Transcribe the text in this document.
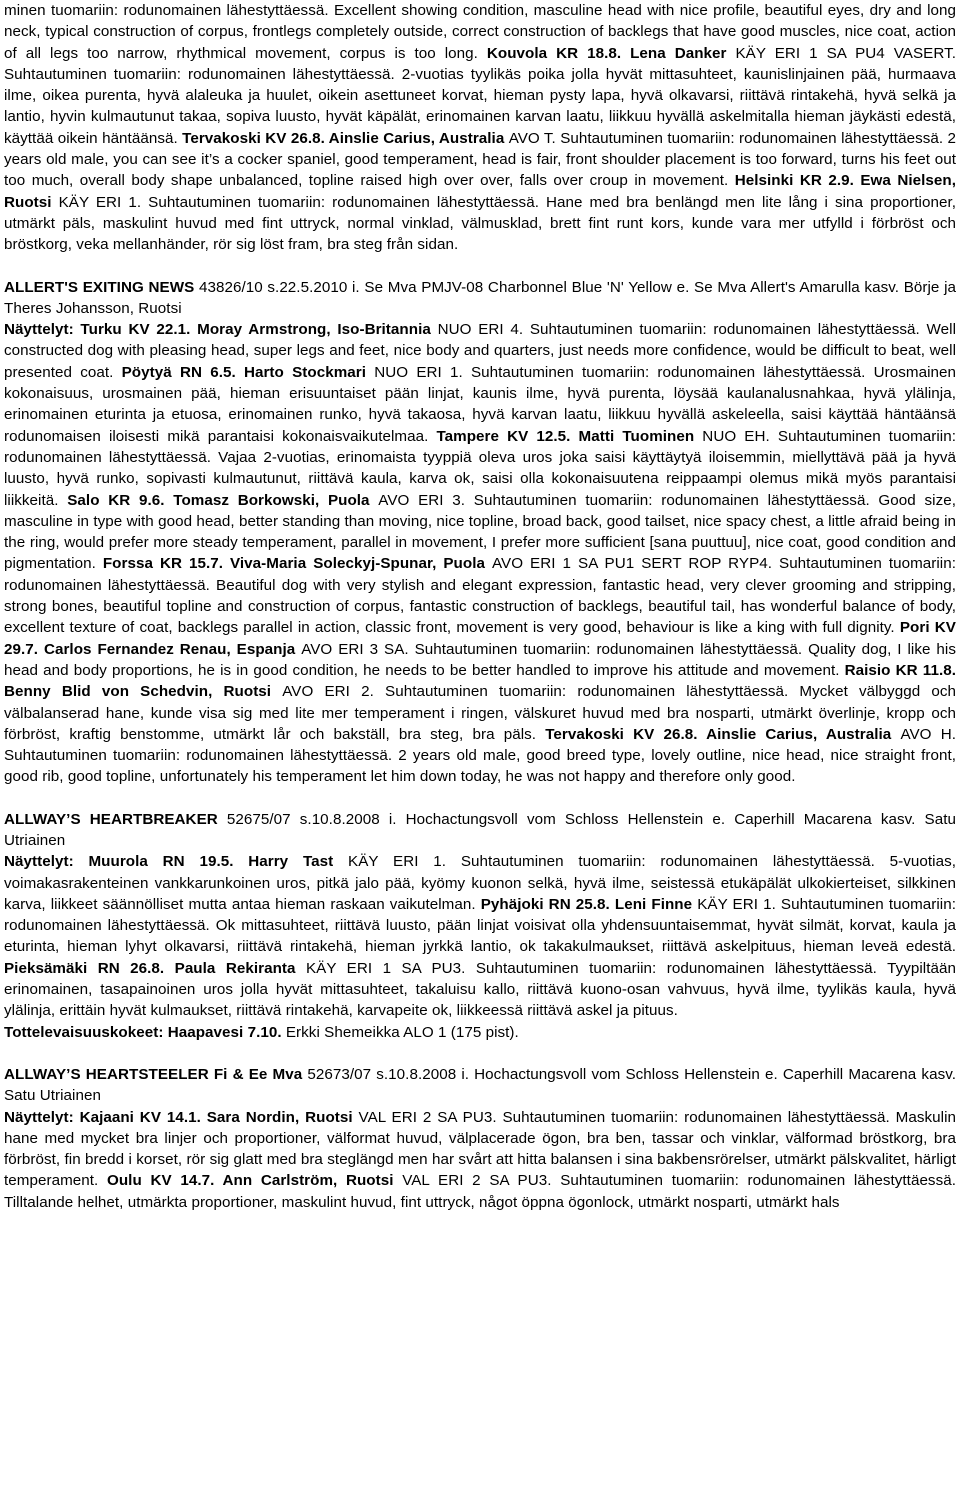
minen tuomariin: rodunomainen lähestyttäessä. Excellent showing condition, masculine head with nice profile, beautiful eyes, dry and long neck, typical construction of corpus, frontlegs completely outside, correct construction of backlegs that have good muscles, nice coat, action of all legs too narrow, rhythmical movement, corpus is too long. Kouvola KR 18.8. Lena Danker KÄY ERI 1 SA PU4 VASERT. Suhtautuminen tuomariin: rodunomainen lähestyttäessä. 2-vuotias tyylikäs poika jolla hyvät mittasuhteet, kaunislinjainen pää, hurmaava ilme, oikea purenta, hyvä alaleuka ja huulet, oikein asettuneet korvat, hieman pysty lapa, hyvä olkavarsi, riittävä rintakehä, hyvä selkä ja lantio, hyvin kulmautunut takaa, sopiva luusto, hyvät käpälät, erinomainen karvan laatu, liikkuu hyvällä askelmitalla hieman jäykästi edestä, käyttää oikein häntäänsä. Tervakoski KV 26.8. Ainslie Carius, Australia AVO T. Suhtautuminen tuomariin: rodunomainen lähestyttäessä. 2 years old male, you can see it’s a cocker spaniel, good temperament, head is fair, front shoulder placement is too forward, turns his feet out too much, overall body shape unbalanced, topline raised high over over, falls over croup in movement. Helsinki KR 2.9. Ewa Nielsen, Ruotsi KÄY ERI 1. Suhtautuminen tuomariin: rodunomainen lähestyttäessä. Hane med bra benlängd men lite lång i sina proportioner, utmärkt päls, maskulint huvud med fint uttryck, normal vinklad, välmusklad, brett fint runt kors, kunde vara mer utfylld i förbröst och bröstkorg, veka mellanhänder, rör sig löst fram, bra steg från sidan.

ALLERT'S EXITING NEWS 43826/10 s.22.5.2010 i. Se Mva PMJV-08 Charbonnel Blue 'N' Yellow e. Se Mva Allert's Amarulla kasv. Börje ja Theres Johansson, Ruotsi

Näyttelyt: Turku KV 22.1. Moray Armstrong, Iso-Britannia NUO ERI 4. Suhtautuminen tuomariin: rodunomainen lähestyttäessä. Well constructed dog with pleasing head, super legs and feet, nice body and quarters, just needs more confidence, would be difficult to beat, well presented coat. Pöytyä RN 6.5. Harto Stockmari NUO ERI 1. Suhtautuminen tuomariin: rodunomainen lähestyttäessä. Urosmainen kokonaisuus, urosmainen pää, hieman erisuuntaiset pään linjat, kaunis ilme, hyvä purenta, löysää kaulanalusnahkaa, hyvä ylälinja, erinomainen eturinta ja etuosa, erinomainen runko, hyvä takaosa, hyvä karvan laatu, liikkuu hyvällä askeleella, saisi käyttää häntäänsä rodunomaisen iloisesti mikä parantaisi kokonaisvaikutelmaa. Tampere KV 12.5. Matti Tuominen NUO EH. Suhtautuminen tuomariin: rodunomainen lähestyttäessä. Vajaa 2-vuotias, erinomaista tyyppiä oleva uros joka saisi käyttäytyä iloisemmin, miellyttävä pää ja hyvä luusto, hyvä runko, sopivasti kulmautunut, riittävä kaula, karva ok, saisi olla kokonaisuutena reippaampi olemus mikä myös parantaisi liikkeitä. Salo KR 9.6. Tomasz Borkowski, Puola AVO ERI 3. Suhtautuminen tuomariin: rodunomainen lähestyttäessä. Good size, masculine in type with good head, better standing than moving, nice topline, broad back, good tailset, nice spacy chest, a little afraid being in the ring, would prefer more steady temperament, parallel in movement, I prefer more sufficient [sana puuttuu], nice coat, good condition and pigmentation. Forssa KR 15.7. Viva-Maria Soleckyj-Spunar, Puola AVO ERI 1 SA PU1 SERT ROP RYP4. Suhtautuminen tuomariin: rodunomainen lähestyttäessä. Beautiful dog with very stylish and elegant expression, fantastic head, very clever grooming and stripping, strong bones, beautiful topline and construction of corpus, fantastic construction of backlegs, beautiful tail, has wonderful balance of body, excellent texture of coat, backlegs parallel in action, classic front, movement is very good, behaviour is like a king with full dignity. Pori KV 29.7. Carlos Fernandez Renau, Espanja AVO ERI 3 SA. Suhtautuminen tuomariin: rodunomainen lähestyttäessä. Quality dog, I like his head and body proportions, he is in good condition, he needs to be better handled to improve his attitude and movement. Raisio KR 11.8. Benny Blid von Schedvin, Ruotsi AVO ERI 2. Suhtautuminen tuomariin: rodunomainen lähestyttäessä. Mycket välbyggd och välbalanserad hane, kunde visa sig med lite mer temperament i ringen, välskuret huvud med bra nosparti, utmärkt överlinje, kropp och förbröst, kraftig benstomme, utmärkt lår och bakställ, bra steg, bra päls. Tervakoski KV 26.8. Ainslie Carius, Australia AVO H. Suhtautuminen tuomariin: rodunomainen lähestyttäessä. 2 years old male, good breed type, lovely outline, nice head, nice straight front, good rib, good topline, unfortunately his temperament let him down today, he was not happy and therefore only good.

ALLWAY’S HEARTBREAKER 52675/07 s.10.8.2008 i. Hochactungsvoll vom Schloss Hellenstein e. Caperhill Macarena kasv. Satu Utriainen

Näyttelyt: Muurola RN 19.5. Harry Tast KÄY ERI 1. Suhtautuminen tuomariin: rodunomainen lähestyttäessä. 5-vuotias, voimakasrakenteinen vankkarunkoinen uros, pitkä jalo pää, kyömy kuonon selkä, hyvä ilme, seistessä etukäpälät ulkokierteiset, silkkinen karva, liikkeet säännölliset mutta antaa hieman raskaan vaikutelman. Pyhäjoki RN 25.8. Leni Finne KÄY ERI 1. Suhtautuminen tuomariin: rodunomainen lähestyttäessä. Ok mittasuhteet, riittävä luusto, pään linjat voisivat olla yhdensuuntaisemmat, hyvät silmät, korvat, kaula ja eturinta, hieman lyhyt olkavarsi, riittävä rintakehä, hieman jyrkkä lantio, ok takakulmaukset, riittävä askelpituus, hieman leveä edestä. Pieksämäki RN 26.8. Paula Rekiranta KÄY ERI 1 SA PU3. Suhtautuminen tuomariin: rodunomainen lähestyttäessä. Tyypiltään erinomainen, tasapainoinen uros jolla hyvät mittasuhteet, takaluisu kallo, riittävä kuono-osan vahvuus, hyvä ilme, tyylikäs kaula, hyvä ylälinja, erittäin hyvät kulmaukset, riittävä rintakehä, karvapeite ok, liikkeessä riittävä askel ja pituus.

Tottelevaisuuskokeet: Haapavesi 7.10. Erkki Shemeikka ALO 1 (175 pist).

ALLWAY’S HEARTSTEELER Fi & Ee Mva 52673/07 s.10.8.2008 i. Hochactungsvoll vom Schloss Hellenstein e. Caperhill Macarena kasv. Satu Utriainen

Näyttelyt: Kajaani KV 14.1. Sara Nordin, Ruotsi VAL ERI 2 SA PU3. Suhtautuminen tuomariin: rodunomainen lähestyttäessä. Maskulin hane med mycket bra linjer och proportioner, välformat huvud, välplacerade ögon, bra ben, tassar och vinklar, välformad bröstkorg, bra förbröst, fin bredd i korset, rör sig glatt med bra steglängd men har svårt att hitta balansen i sina bakbensrörelser, utmärkt pälskvalitet, härligt temperament. Oulu KV 14.7. Ann Carlström, Ruotsi VAL ERI 2 SA PU3. Suhtautuminen tuomariin: rodunomainen lähestyttäessä. Tilltalande helhet, utmärkta proportioner, maskulint huvud, fint uttryck, något öppna ögonlock, utmärkt nosparti, utmärkt hals
